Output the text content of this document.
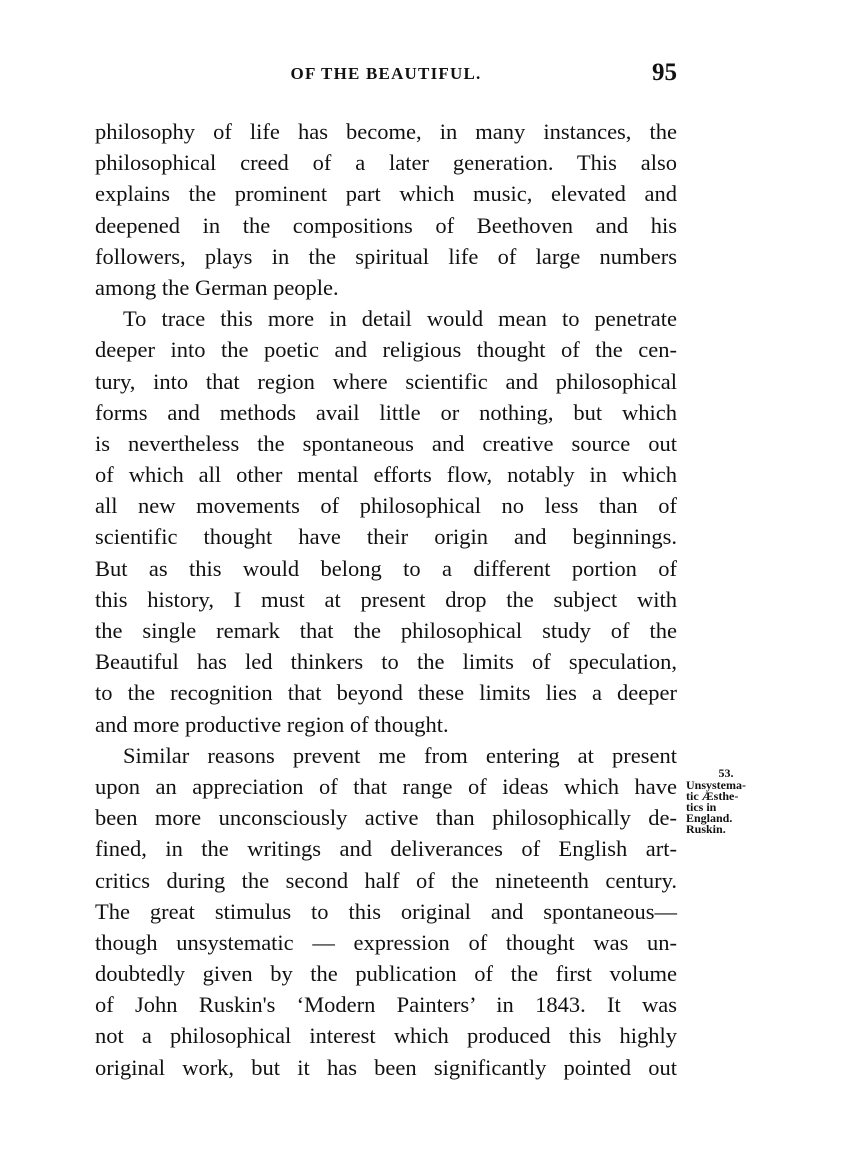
OF THE BEAUTIFUL.	95
philosophy of life has become, in many instances, the
philosophical creed of a later generation. This also
explains the prominent part which music, elevated and
deepened in the compositions of Beethoven and his
followers, plays in the spiritual life of large numbers
among the German people.
To trace this more in detail would mean to penetrate
deeper into the poetic and religious thought of the cen-
tury, into that region where scientific and philosophical
forms and methods avail little or nothing, but which
is nevertheless the spontaneous and creative source out
of which all other mental efforts flow, notably in which
all new movements of philosophical no less than of
scientific thought have their origin and beginnings.
But as this would belong to a different portion of
this history, I must at present drop the subject with
the single remark that the philosophical study of the
Beautiful has led thinkers to the limits of speculation,
to the recognition that beyond these limits lies a deeper
and more productive region of thought.
Similar reasons prevent me from entering at present
upon an appreciation of that range of ideas which have
been more unconsciously active than philosophically de-
fined, in the writings and deliverances of English art-
critics during the second half of the nineteenth century.
The great stimulus to this original and spontaneous—
though unsystematic — expression of thought was un-
doubtedly given by the publication of the first volume
of John Ruskin's ‘Modern Painters’ in 1843. It was
not a philosophical interest which produced this highly
original work, but it has been significantly pointed out
53.
Unsystema-
tic Æsthe-
tics in
England.
Ruskin.
